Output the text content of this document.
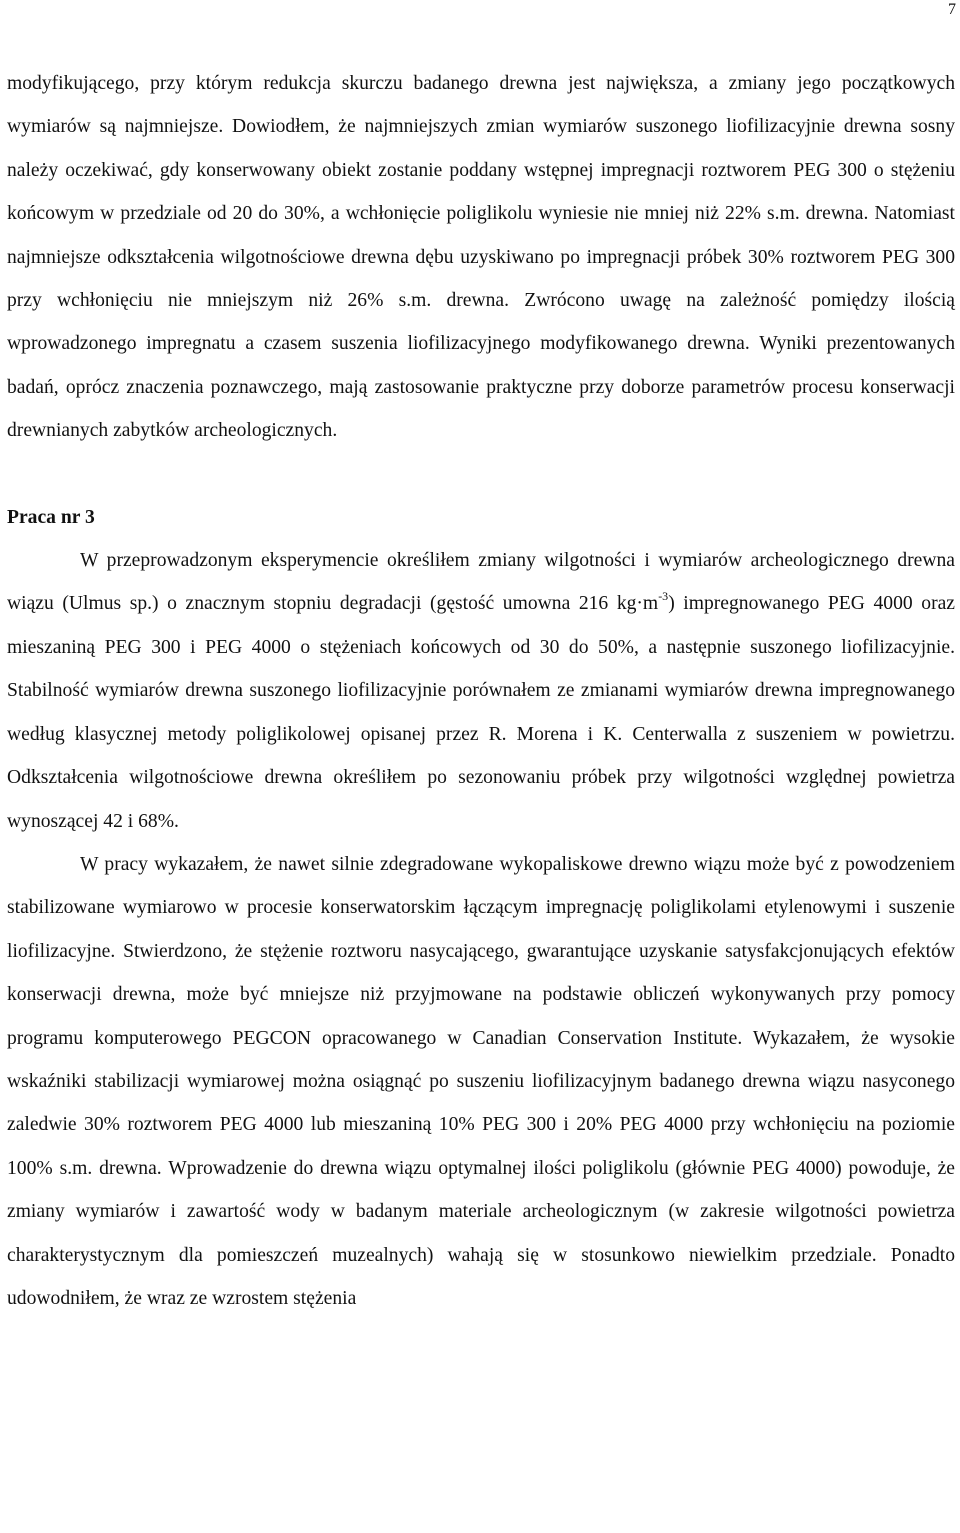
7

modyfikującego, przy którym redukcja skurczu badanego drewna jest największa, a zmiany jego początkowych wymiarów są najmniejsze. Dowiodłem, że najmniejszych zmian wymiarów suszonego liofilizacyjnie drewna sosny należy oczekiwać, gdy konserwowany obiekt zostanie poddany wstępnej impregnacji roztworem PEG 300 o stężeniu końcowym w przedziale od 20 do 30%, a wchłonięcie poliglikolu wyniesie nie mniej niż 22% s.m. drewna. Natomiast najmniejsze odkształcenia wilgotnościowe drewna dębu uzyskiwano po impregnacji próbek 30% roztworem PEG 300 przy wchłonięciu nie mniejszym niż 26% s.m. drewna. Zwrócono uwagę na zależność pomiędzy ilością wprowadzonego impregnatu a czasem suszenia liofilizacyjnego modyfikowanego drewna. Wyniki prezentowanych badań, oprócz znaczenia poznawczego, mają zastosowanie praktyczne przy doborze parametrów procesu konserwacji drewnianych zabytków archeologicznych.

Praca nr 3

W przeprowadzonym eksperymencie określiłem zmiany wilgotności i wymiarów archeologicznego drewna wiązu (Ulmus sp.) o znacznym stopniu degradacji (gęstość umowna 216 $kg\cdot m^{-3}$) impregnowanego PEG 4000 oraz mieszaniną PEG 300 i PEG 4000 o stężeniach końcowych od 30 do 50%, a następnie suszonego liofilizacyjnie. Stabilność wymiarów drewna suszonego liofilizacyjnie porównałem ze zmianami wymiarów drewna impregnowanego według klasycznej metody poliglikolowej opisanej przez R. Morena i K. Centerwalla z suszeniem w powietrzu. Odkształcenia wilgotnościowe drewna określiłem po sezonowaniu próbek przy wilgotności względnej powietrza wynoszącej 42 i 68%.

W pracy wykazałem, że nawet silnie zdegradowane wykopaliskowe drewno wiązu może być z powodzeniem stabilizowane wymiarowo w procesie konserwatorskim łączącym impregnację poliglikolami etylenowymi i suszenie liofilizacyjne. Stwierdzono, że stężenie roztworu nasycającego, gwarantujące uzyskanie satysfakcjonujących efektów konserwacji drewna, może być mniejsze niż przyjmowane na podstawie obliczeń wykonywanych przy pomocy programu komputerowego PEGCON opracowanego w Canadian Conservation Institute. Wykazałem, że wysokie wskaźniki stabilizacji wymiarowej można osiągnąć po suszeniu liofilizacyjnym badanego drewna wiązu nasyconego zaledwie 30% roztworem PEG 4000 lub mieszaniną 10% PEG 300 i 20% PEG 4000 przy wchłonięciu na poziomie 100% s.m. drewna. Wprowadzenie do drewna wiązu optymalnej ilości poliglikolu (głównie PEG 4000) powoduje, że zmiany wymiarów i zawartość wody w badanym materiale archeologicznym (w zakresie wilgotności powietrza charakterystycznym dla pomieszczeń muzealnych) wahają się w stosunkowo niewielkim przedziale. Ponadto udowodniłem, że wraz ze wzrostem stężenia
